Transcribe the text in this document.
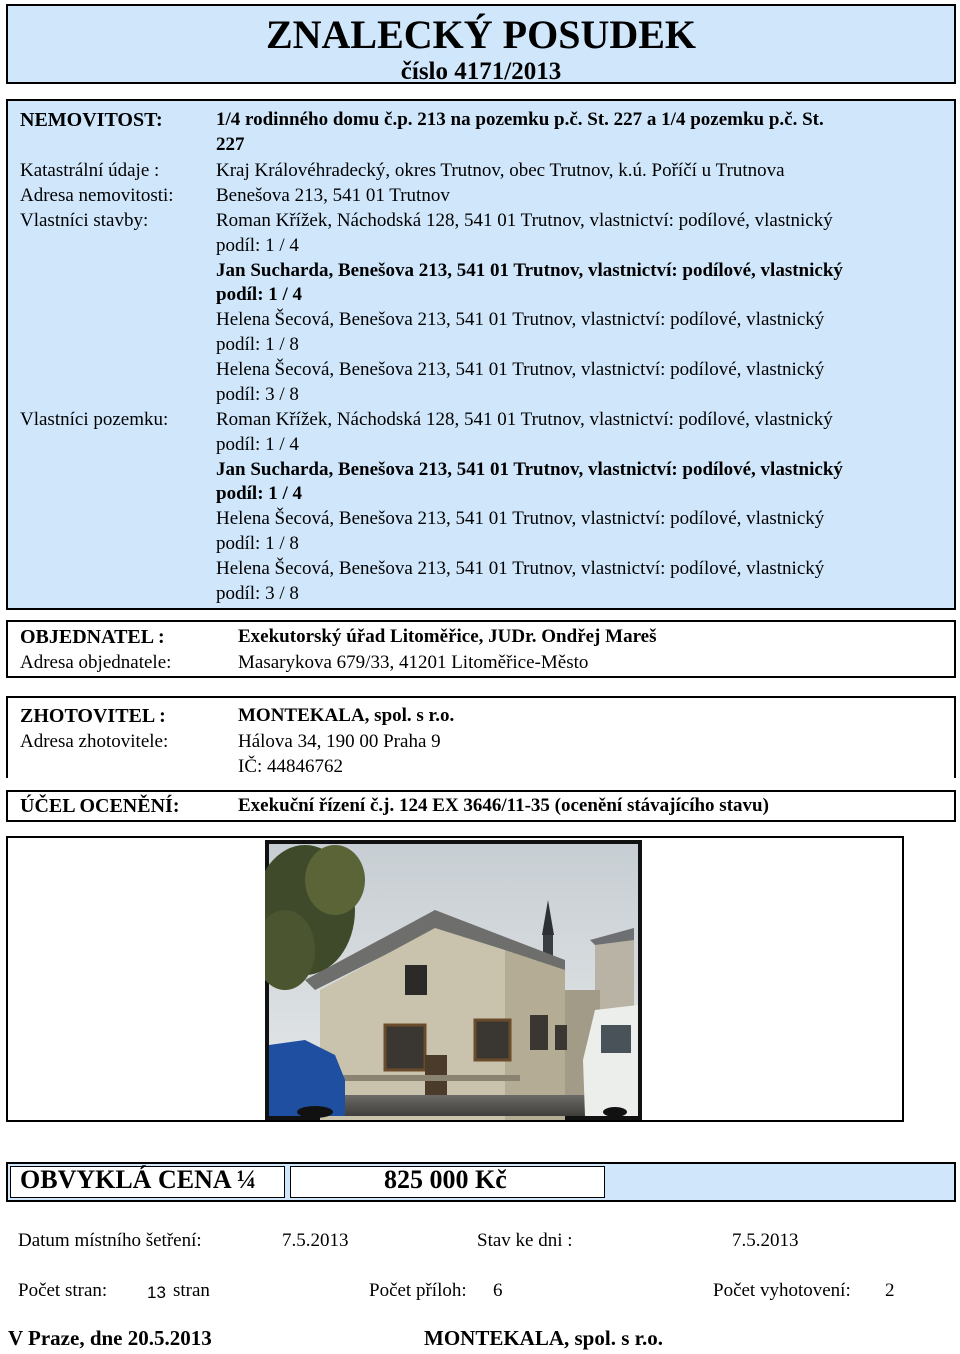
ZNALECKÝ POSUDEK
číslo 4171/2013
NEMOVITOST:	1/4 rodinného domu č.p. 213 na pozemku p.č. St. 227 a 1/4 pozemku p.č. St.
227
Katastrální údaje :	Kraj Královéhradecký, okres Trutnov, obec Trutnov, k.ú. Poříčí u Trutnova
Adresa nemovitosti: Benešova 213, 541 01 Trutnov
Vlastníci stavby:	Roman Křížek, Náchodská 128, 541 01 Trutnov, vlastnictví: podílové, vlastnický
podíl: 1 / 4
Jan Sucharda, Benešova 213, 541 01 Trutnov, vlastnictví: podílové, vlastnický
podíl: 1 / 4
Helena Šecová, Benešova 213, 541 01 Trutnov, vlastnictví: podílové, vlastnický
podíl: 1 / 8
Helena Šecová, Benešova 213, 541 01 Trutnov, vlastnictví: podílové, vlastnický
podíl: 3 / 8
Vlastníci pozemku:	Roman Křížek, Náchodská 128, 541 01 Trutnov, vlastnictví: podílové, vlastnický
podíl: 1 / 4
Jan Sucharda, Benešova 213, 541 01 Trutnov, vlastnictví: podílové, vlastnický
podíl: 1 / 4
Helena Šecová, Benešova 213, 541 01 Trutnov, vlastnictví: podílové, vlastnický
podíl: 1 / 8
Helena Šecová, Benešova 213, 541 01 Trutnov, vlastnictví: podílové, vlastnický
podíl: 3 / 8
OBJEDNATEL :	Exekutorský úřad Litoměřice, JUDr. Ondřej Mareš
Adresa objednatele:	Masarykova 679/33, 41201 Litoměřice-Město
ZHOTOVITEL :	MONTEKALA, spol. s r.o.
Adresa zhotovitele:	Hálova 34, 190 00 Praha 9
IČ: 44846762
ÚČEL OCENĚNÍ:	Exekuční řízení č.j. 124 EX 3646/11-35 (ocenění stávajícího stavu)
OBVYKLÁ CENA ¼	825 000 Kč
Datum místního šetření:	7.5.2013	Stav ke dni :	7.5.2013
Počet stran: 13 stran	Počet příloh: 6	Počet vyhotovení: 2
V Praze, dne 20.5.2013	MONTEKALA, spol. s r.o.
